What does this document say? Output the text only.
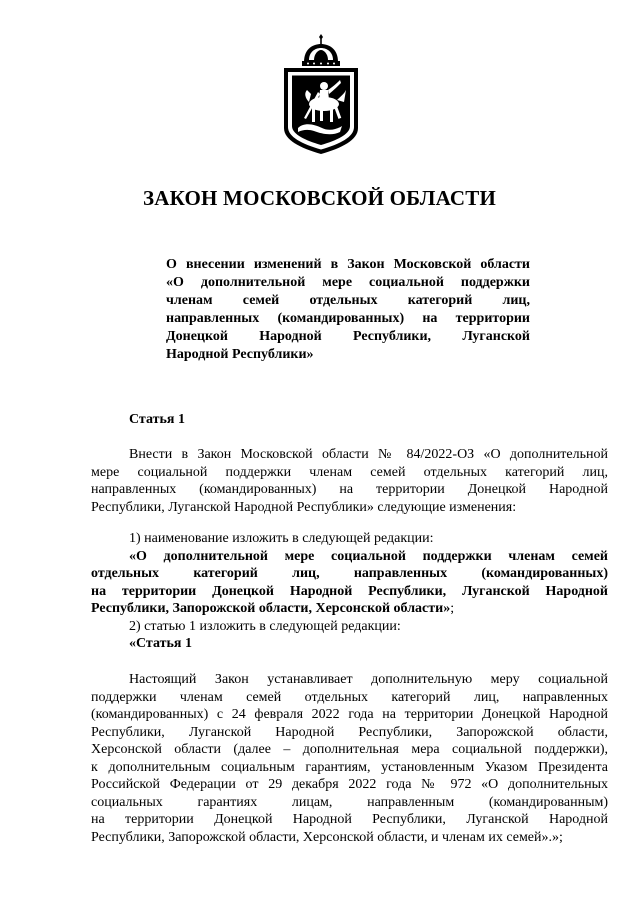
ЗАКОН МОСКОВСКОЙ ОБЛАСТИ
О внесении изменений в Закон Московской области
«О дополнительной мере социальной поддержки
членам семей отдельных категорий лиц,
направленных (командированных) на территории
Донецкой Народной Республики, Луганской
Народной Республики»
Статья 1
Внести в Закон Московской области № 84/2022-ОЗ «О дополнительной
мере социальной поддержки членам семей отдельных категорий лиц,
направленных (командированных) на территории Донецкой Народной
Республики, Луганской Народной Республики» следующие изменения:
1) наименование изложить в следующей редакции:
«О дополнительной мере социальной поддержки членам семей
отдельных категорий лиц, направленных (командированных)
на территории Донецкой Народной Республики, Луганской Народной
Республики, Запорожской области, Херсонской области»;
2) статью 1 изложить в следующей редакции:
«Статья 1
Настоящий Закон устанавливает дополнительную меру социальной
поддержки членам семей отдельных категорий лиц, направленных
(командированных) с 24 февраля 2022 года на территории Донецкой Народной
Республики, Луганской Народной Республики, Запорожской области,
Херсонской области (далее – дополнительная мера социальной поддержки),
к дополнительным социальным гарантиям, установленным Указом Президента
Российской Федерации от 29 декабря 2022 года № 972 «О дополнительных
социальных гарантиях лицам, направленным (командированным)
на территории Донецкой Народной Республики, Луганской Народной
Республики, Запорожской области, Херсонской области, и членам их семей».»;
